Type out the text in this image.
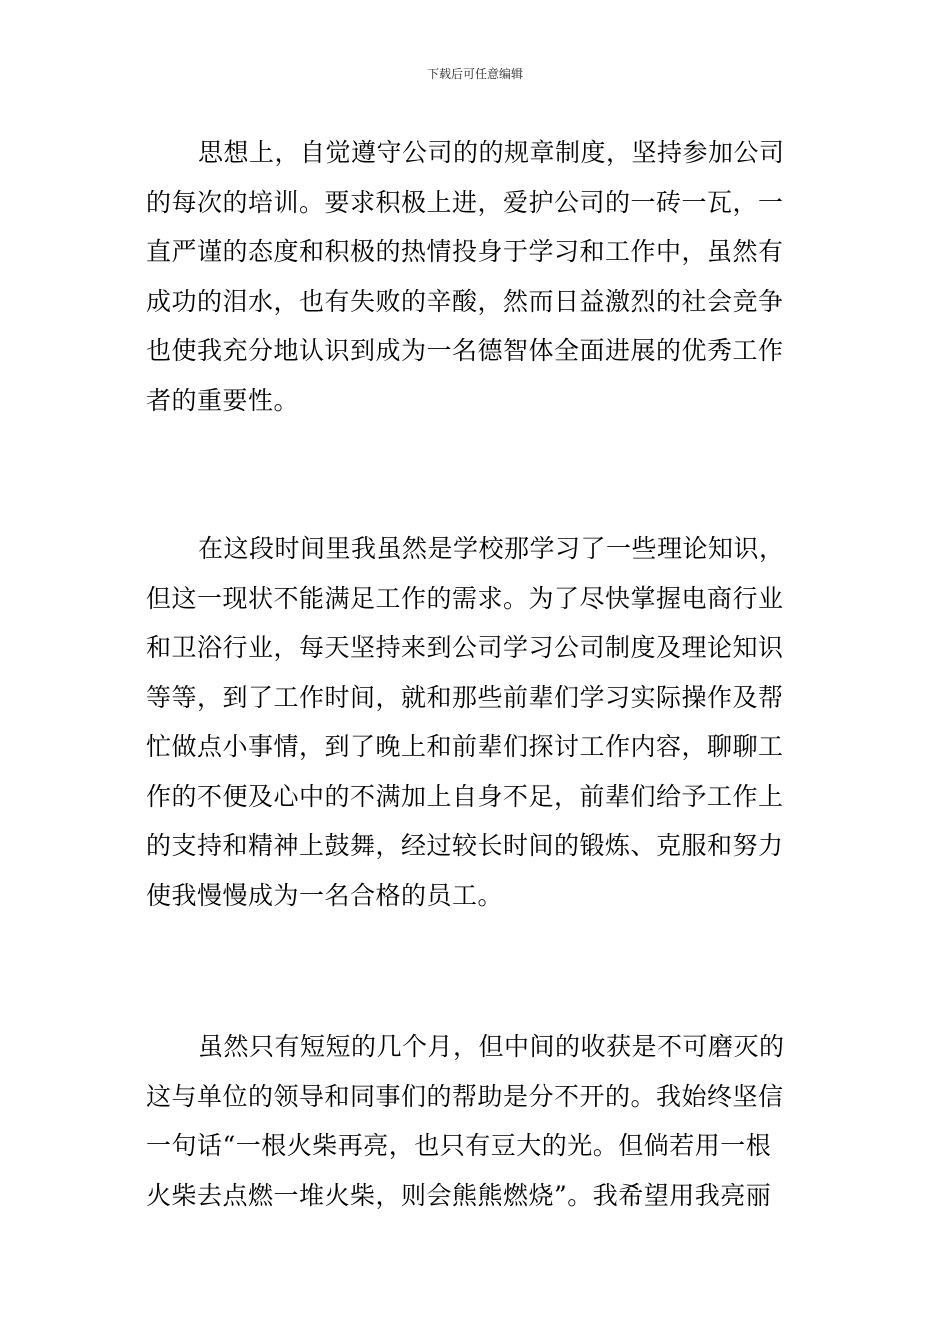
下载后可任意编辑
思想上，自觉遵守公司的的规章制度，坚持参加公司
的每次的培训。要求积极上进，爱护公司的一砖一瓦，一
直严谨的态度和积极的热情投身于学习和工作中，虽然有
成功的泪水，也有失败的辛酸，然而日益激烈的社会竞争
也使我充分地认识到成为一名德智体全面进展的优秀工作
者的重要性。
在这段时间里我虽然是学校那学习了一些理论知识，
但这一现状不能满足工作的需求。为了尽快掌握电商行业
和卫浴行业，每天坚持来到公司学习公司制度及理论知识
等等，到了工作时间，就和那些前辈们学习实际操作及帮
忙做点小事情，到了晚上和前辈们探讨工作内容，聊聊工
作的不便及心中的不满加上自身不足，前辈们给予工作上
的支持和精神上鼓舞，经过较长时间的锻炼、克服和努力
使我慢慢成为一名合格的员工。
虽然只有短短的几个月，但中间的收获是不可磨灭的
这与单位的领导和同事们的帮助是分不开的。我始终坚信
一句话“一根火柴再亮，也只有豆大的光。但倘若用一根
火柴去点燃一堆火柴，则会熊熊燃烧”。我希望用我亮丽
